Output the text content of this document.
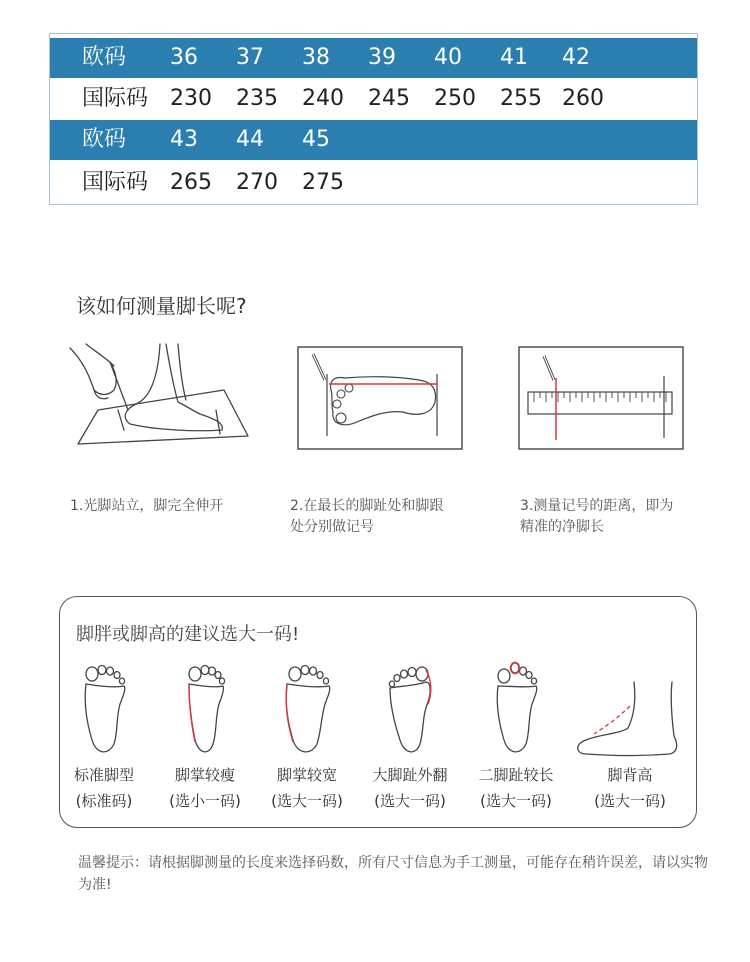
欧码 36 37 38 39 40 41 42
国际码 230 235 240 245 250 255 260
欧码 43 44 45
国际码 265 270 275
该如何测量脚长呢?
1.光脚站立，脚完全伸开	2.在最长的脚趾处和脚跟
处分别做记号
3.测量记号的距离，即为
精准的净脚长
脚胖或脚高的建议选大一码!
标准脚型
(标准码)
脚掌较瘦
(选小一码)
脚掌较宽
(选大一码)
大脚趾外翻
(选大一码)
二脚趾较长
(选大一码)
脚背高
(选大一码)
温馨提示：请根据脚测量的长度来选择码数，所有尺寸信息为手工测量，可能存在稍许误差，请以实物为准!
